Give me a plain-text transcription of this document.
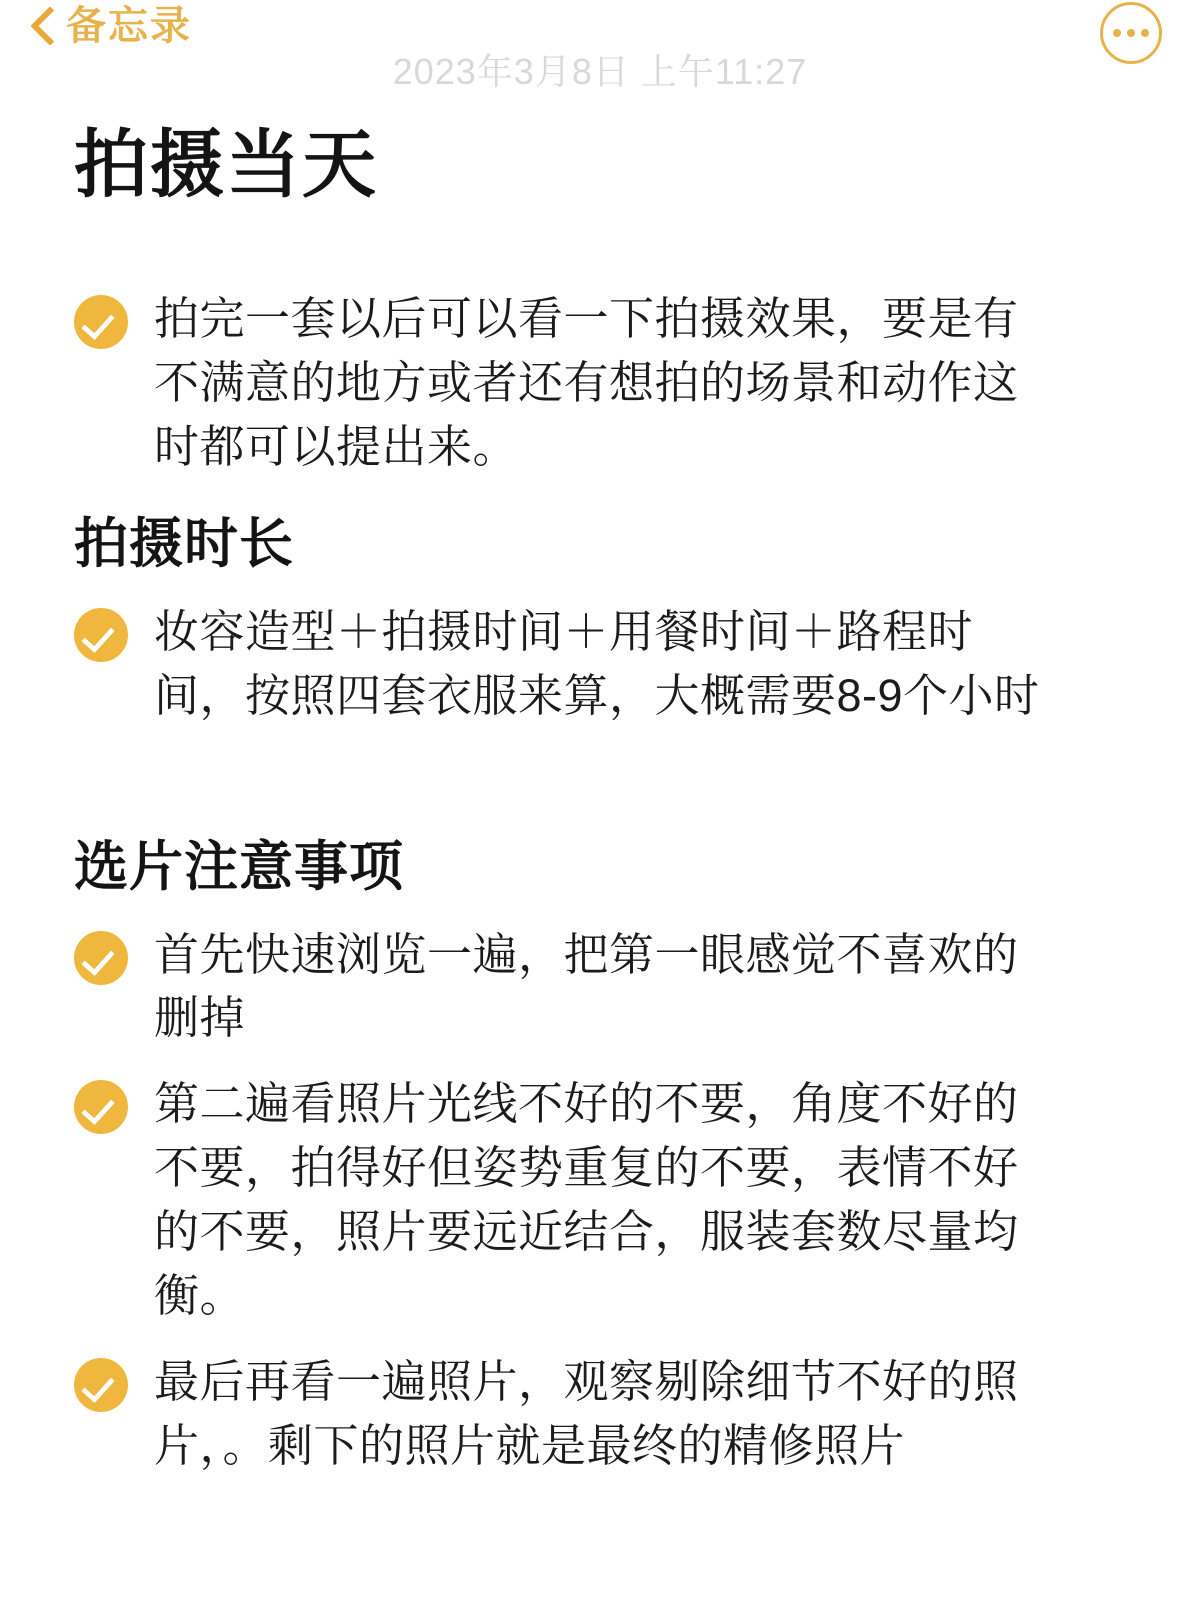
备忘录
2023年3月8日 上午11:27
拍摄当天
拍完一套以后可以看一下拍摄效果，要是有不满意的地方或者还有想拍的场景和动作这时都可以提出来。
拍摄时长
妆容造型＋拍摄时间＋用餐时间＋路程时间，按照四套衣服来算，大概需要8-9个小时
选片注意事项
首先快速浏览一遍，把第一眼感觉不喜欢的删掉
第二遍看照片光线不好的不要，角度不好的不要，拍得好但姿势重复的不要，表情不好的不要，照片要远近结合，服装套数尽量均衡。
最后再看一遍照片，观察剔除细节不好的照片，。剩下的照片就是最终的精修照片
